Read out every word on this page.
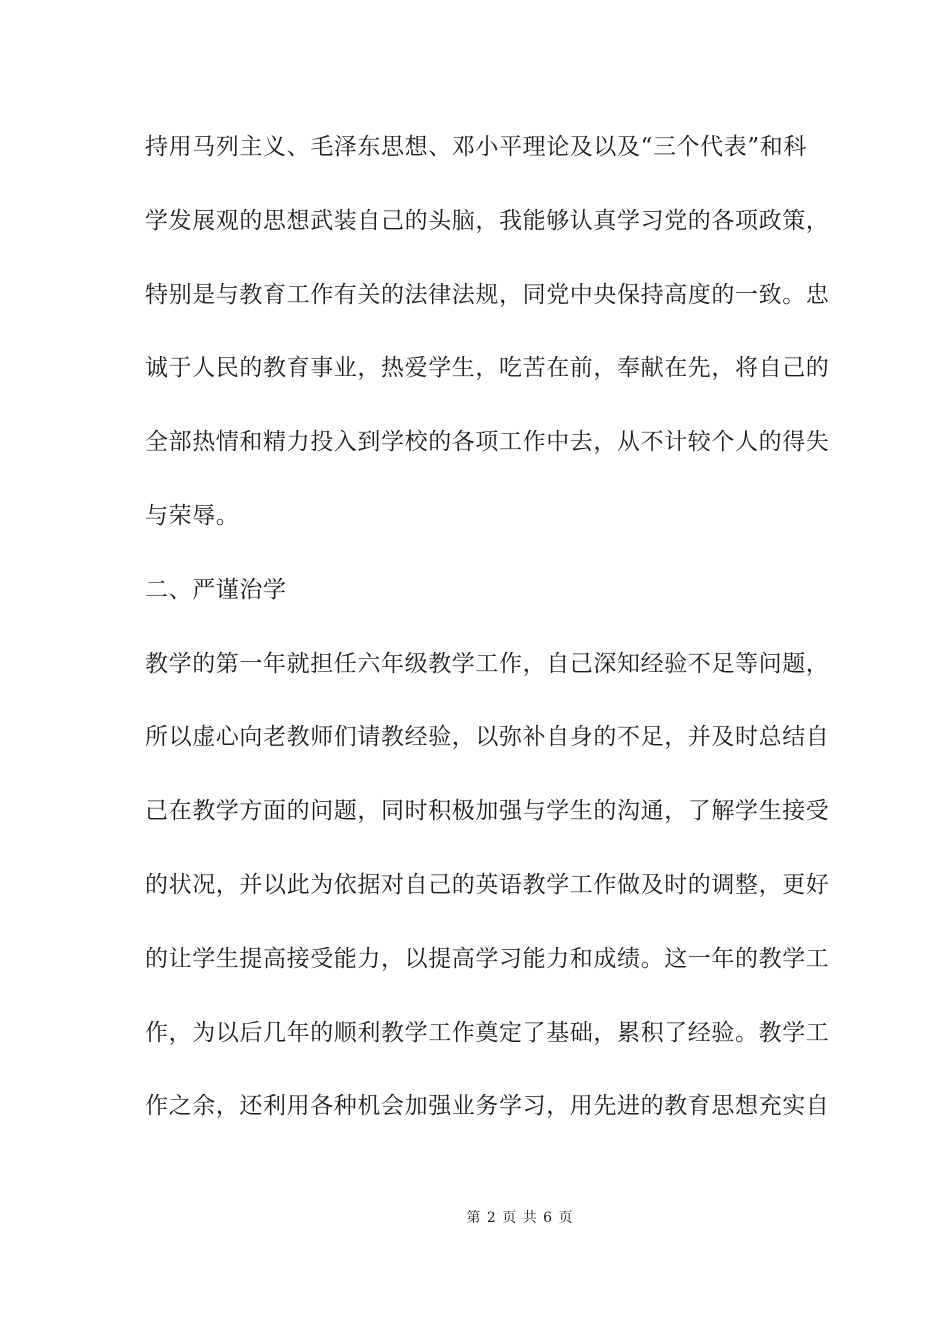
持用马列主义、毛泽东思想、邓小平理论及以及“三个代表”和科
学发展观的思想武装自己的头脑，我能够认真学习党的各项政策，
特别是与教育工作有关的法律法规，同党中央保持高度的一致。忠
诚于人民的教育事业，热爱学生，吃苦在前，奉献在先，将自己的
全部热情和精力投入到学校的各项工作中去，从不计较个人的得失
与荣辱。
二、严谨治学
教学的第一年就担任六年级教学工作，自己深知经验不足等问题，
所以虚心向老教师们请教经验，以弥补自身的不足，并及时总结自
己在教学方面的问题，同时积极加强与学生的沟通，了解学生接受
的状况，并以此为依据对自己的英语教学工作做及时的调整，更好
的让学生提高接受能力，以提高学习能力和成绩。这一年的教学工
作，为以后几年的顺利教学工作奠定了基础，累积了经验。教学工
作之余，还利用各种机会加强业务学习，用先进的教育思想充实自
第 2 页 共 6 页
